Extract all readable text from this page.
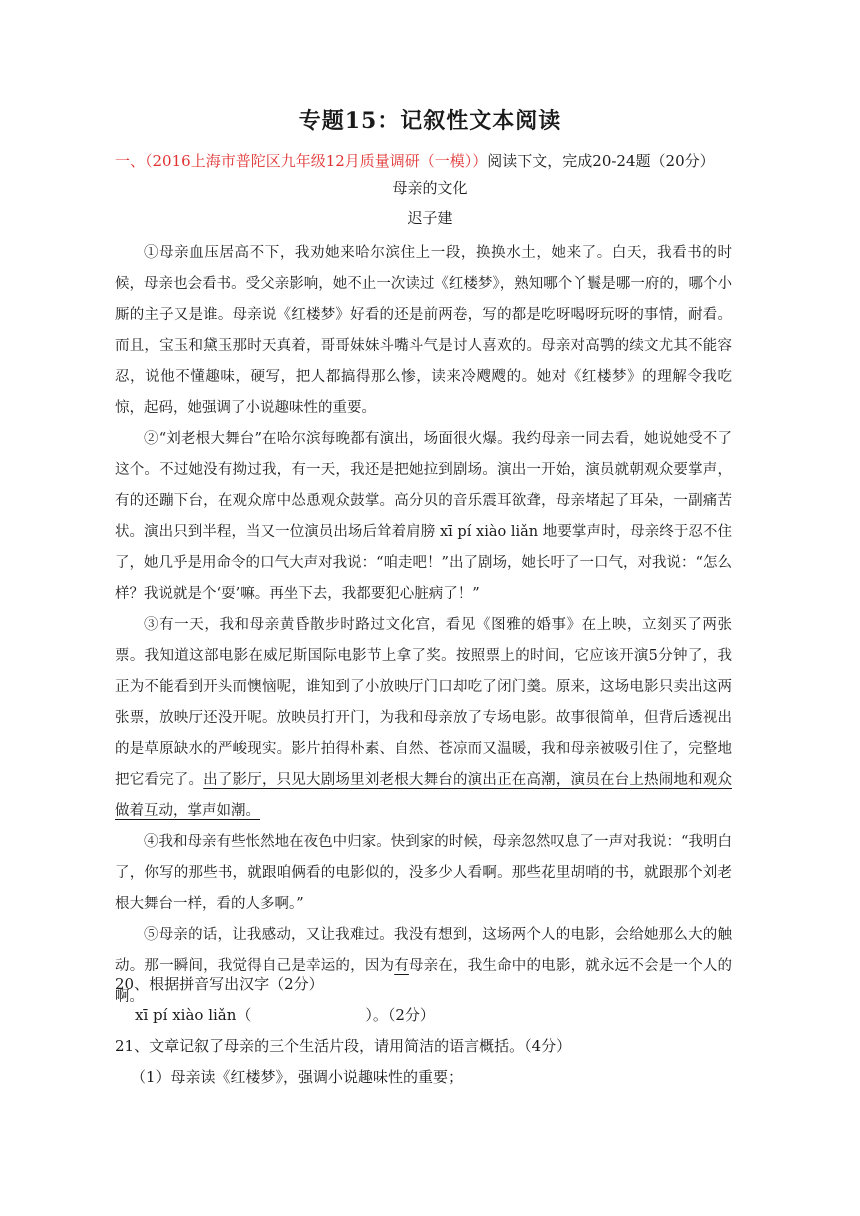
专题15：记叙性文本阅读
一、（2016上海市普陀区九年级12月质量调研（一模））阅读下文，完成20-24题（20分）
母亲的文化
迟子建

①母亲血压居高不下，我劝她来哈尔滨住上一段，换换水土，她来了。白天，我看书的时候，母亲也会看书。受父亲影响，她不止一次读过《红楼梦》，熟知哪个丫鬟是哪一府的，哪个小厮的主子又是谁。母亲说《红楼梦》好看的还是前两卷，写的都是吃呀喝呀玩呀的事情，耐看。而且，宝玉和黛玉那时天真着，哥哥妹妹斗嘴斗气是讨人喜欢的。母亲对高鹗的续文尤其不能容忍，说他不懂趣味，硬写，把人都搞得那么惨，读来冷飕飕的。她对《红楼梦》的理解令我吃惊，起码，她强调了小说趣味性的重要。

②“刘老根大舞台”在哈尔滨每晚都有演出，场面很火爆。我约母亲一同去看，她说她受不了这个。不过她没有拗过我，有一天，我还是把她拉到剧场。演出一开始，演员就朝观众要掌声，有的还蹦下台，在观众席中怂恿观众鼓掌。高分贝的音乐震耳欲聋，母亲堵起了耳朵，一副痛苦状。演出只到半程，当又一位演员出场后耸着肩膀 xī pí xiào liǎn 地要掌声时，母亲终于忍不住了，她几乎是用命令的口气大声对我说：“咱走吧！”出了剧场，她长吁了一口气，对我说：“怎么样？我说就是个‘耍’嘛。再坐下去，我都要犯心脏病了！”

③有一天，我和母亲黄昏散步时路过文化宫，看见《图雅的婚事》在上映，立刻买了两张票。我知道这部电影在威尼斯国际电影节上拿了奖。按照票上的时间，它应该开演5分钟了，我正为不能看到开头而懊恼呢，谁知到了小放映厅门口却吃了闭门羹。原来，这场电影只卖出这两张票，放映厅还没开呢。放映员打开门，为我和母亲放了专场电影。故事很简单，但背后透视出的是草原缺水的严峻现实。影片拍得朴素、自然、苍凉而又温暖，我和母亲被吸引住了，完整地把它看完了。出了影厅，只见大剧场里刘老根大舞台的演出正在高潮，演员在台上热闹地和观众做着互动，掌声如潮。

④我和母亲有些怅然地在夜色中归家。快到家的时候，母亲忽然叹息了一声对我说：“我明白了，你写的那些书，就跟咱俩看的电影似的，没多少人看啊。那些花里胡哨的书，就跟那个刘老根大舞台一样，看的人多啊。”

⑤母亲的话，让我感动，又让我难过。我没有想到，这场两个人的电影，会给她那么大的触动。那一瞬间，我觉得自己是幸运的，因为有母亲在，我生命中的电影，就永远不会是一个人的啊。

20、根据拼音写出汉字（2分）

xī pí xiào liǎn（	）。（2分）

21、文章记叙了母亲的三个生活片段，请用简洁的语言概括。（4分）

（1）母亲读《红楼梦》，强调小说趣味性的重要；
